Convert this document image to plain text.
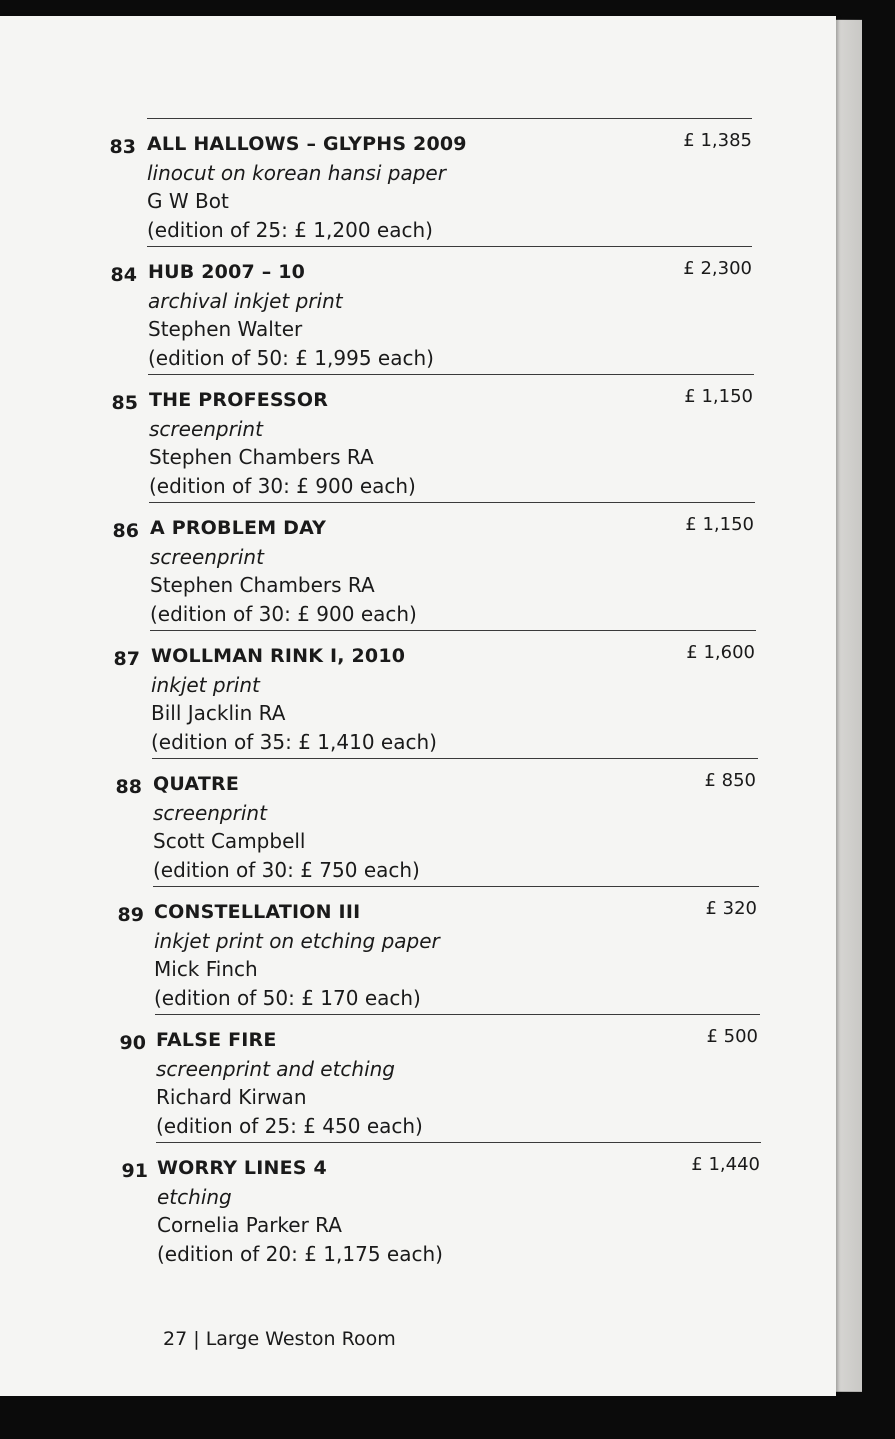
83 ALL HALLOWS – GLYPHS 2009
linocut on korean hansi paper
G W Bot
(edition of 25: £ 1,200 each)
£ 1,385
84 HUB 2007 – 10
archival inkjet print
Stephen Walter
(edition of 50: £ 1,995 each)
£ 2,300
85 THE PROFESSOR
screenprint
Stephen Chambers RA
(edition of 30: £ 900 each)
£ 1,150
86 A PROBLEM DAY
screenprint
Stephen Chambers RA
(edition of 30: £ 900 each)
£ 1,150
87 WOLLMAN RINK I, 2010
inkjet print
Bill Jacklin RA
(edition of 35: £ 1,410 each)
£ 1,600
88 QUATRE
screenprint
Scott Campbell
(edition of 30: £ 750 each)
£ 850
89 CONSTELLATION III
inkjet print on etching paper
Mick Finch
(edition of 50: £ 170 each)
£ 320
90 FALSE FIRE
screenprint and etching
Richard Kirwan
(edition of 25: £ 450 each)
£ 500
91 WORRY LINES 4
etching
Cornelia Parker RA
(edition of 20: £ 1,175 each)
£ 1,440
27 | Large Weston Room
